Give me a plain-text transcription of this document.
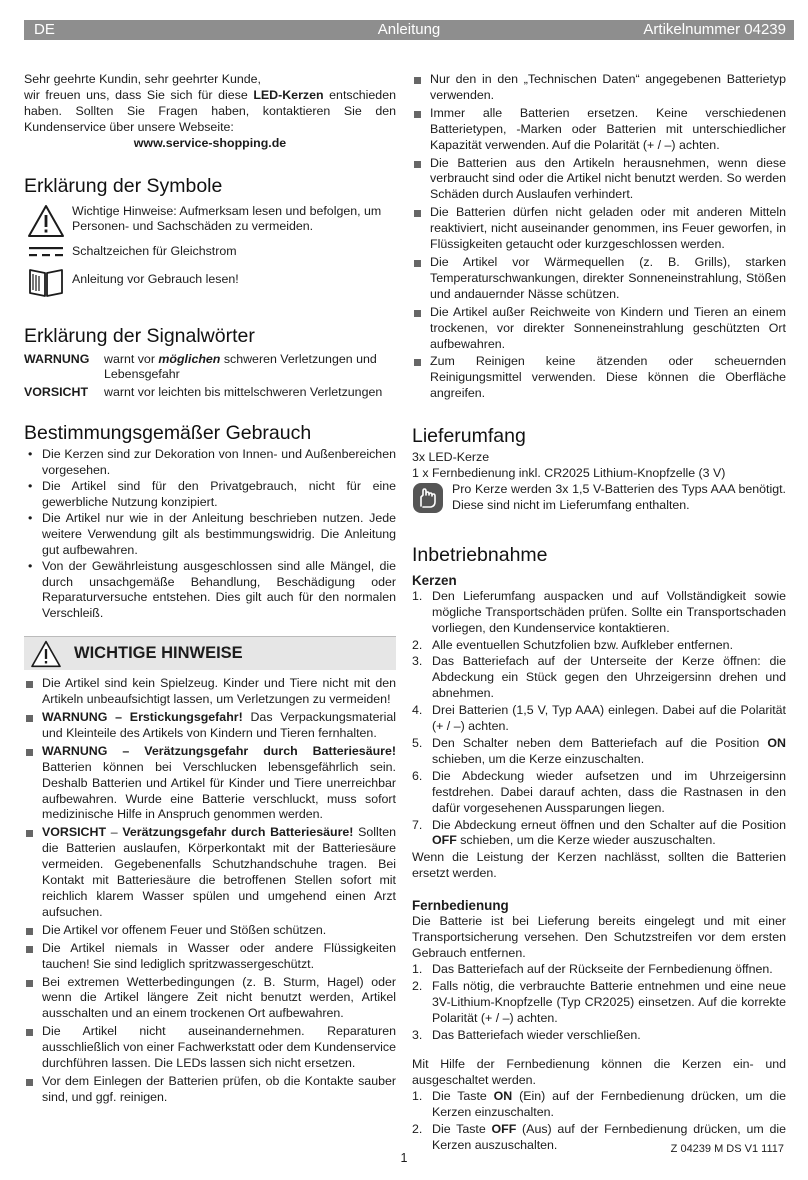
DE	Anleitung	Artikelnummer 04239

Sehr geehrte Kundin, sehr geehrter Kunde,

wir freuen uns, dass Sie sich für diese LED-Kerzen entschieden haben. Sollten Sie Fragen haben, kontaktieren Sie den Kundenservice über unsere Webseite:

www.service-shopping.de

Erklärung der Symbole
Wichtige Hinweise: Aufmerksam lesen und befolgen, um Personen- und Sachschäden zu vermeiden.
Schaltzeichen für Gleichstrom
Anleitung vor Gebrauch lesen!
Erklärung der Signalwörter
WARNUNG	warnt vor möglichen schweren Verletzungen und Lebensgefahr
VORSICHT	warnt vor leichten bis mittelschweren Verletzungen
Bestimmungsgemäßer Gebrauch
• Die Kerzen sind zur Dekoration von Innen- und Außenbereichen vorgesehen.
• Die Artikel sind für den Privatgebrauch, nicht für eine gewerbliche Nutzung konzipiert.
• Die Artikel nur wie in der Anleitung beschrieben nutzen. Jede weitere Verwendung gilt als bestimmungswidrig. Die Anleitung gut aufbewahren.
• Von der Gewährleistung ausgeschlossen sind alle Mängel, die durch unsachgemäße Behandlung, Beschädigung oder Reparaturversuche entstehen. Dies gilt auch für den normalen Verschleiß.
WICHTIGE HINWEISE
Die Artikel sind kein Spielzeug. Kinder und Tiere nicht mit den Artikeln unbeaufsichtigt lassen, um Verletzungen zu vermeiden!
WARNUNG – Erstickungsgefahr! Das Verpackungsmaterial und Kleinteile des Artikels von Kindern und Tieren fernhalten.
WARNUNG – Verätzungsgefahr durch Batteriesäure! Batterien können bei Verschlucken lebensgefährlich sein. Deshalb Batterien und Artikel für Kinder und Tiere unerreichbar aufbewahren. Wurde eine Batterie verschluckt, muss sofort medizinische Hilfe in Anspruch genommen werden.
VORSICHT – Verätzungsgefahr durch Batteriesäure! Sollten die Batterien auslaufen, Körperkontakt mit der Batteriesäure vermeiden. Gegebenenfalls Schutzhandschuhe tragen. Bei Kontakt mit Batteriesäure die betroffenen Stellen sofort mit reichlich klarem Wasser spülen und umgehend einen Arzt aufsuchen.
Die Artikel vor offenem Feuer und Stößen schützen.
Die Artikel niemals in Wasser oder andere Flüssigkeiten tauchen! Sie sind lediglich spritzwassergeschützt.
Bei extremen Wetterbedingungen (z. B. Sturm, Hagel) oder wenn die Artikel längere Zeit nicht benutzt werden, Artikel ausschalten und an einem trockenen Ort aufbewahren.
Die Artikel nicht auseinandernehmen. Reparaturen ausschließlich von einer Fachwerkstatt oder dem Kundenservice durchführen lassen. Die LEDs lassen sich nicht ersetzen.
Vor dem Einlegen der Batterien prüfen, ob die Kontakte sauber sind, und ggf. reinigen.
Nur den in den „Technischen Daten“ angegebenen Batterietyp verwenden.
Immer alle Batterien ersetzen. Keine verschiedenen Batterietypen, -Marken oder Batterien mit unterschiedlicher Kapazität verwenden. Auf die Polarität (+ / –) achten.
Die Batterien aus den Artikeln herausnehmen, wenn diese verbraucht sind oder die Artikel nicht benutzt werden. So werden Schäden durch Auslaufen verhindert.
Die Batterien dürfen nicht geladen oder mit anderen Mitteln reaktiviert, nicht auseinander genommen, ins Feuer geworfen, in Flüssigkeiten getaucht oder kurzgeschlossen werden.
Die Artikel vor Wärmequellen (z. B. Grills), starken Temperaturschwankungen, direkter Sonneneinstrahlung, Stößen und andauernder Nässe schützen.
Die Artikel außer Reichweite von Kindern und Tieren an einem trockenen, vor direkter Sonneneinstrahlung geschützten Ort aufbewahren.
Zum Reinigen keine ätzenden oder scheuernden Reinigungsmittel verwenden. Diese können die Oberfläche angreifen.
Lieferumfang

3x LED-Kerze

1 x Fernbedienung inkl. CR2025 Lithium-Knopfzelle (3 V)

Pro Kerze werden 3x 1,5 V-Batterien des Typs AAA benötigt. Diese sind nicht im Lieferumfang enthalten.
Inbetriebnahme
Kerzen
1. Den Lieferumfang auspacken und auf Vollständigkeit sowie mögliche Transportschäden prüfen. Sollte ein Transportschaden vorliegen, den Kundenservice kontaktieren.
2. Alle eventuellen Schutzfolien bzw. Aufkleber entfernen.
3. Das Batteriefach auf der Unterseite der Kerze öffnen: die Abdeckung ein Stück gegen den Uhrzeigersinn drehen und abnehmen.
4. Drei Batterien (1,5 V, Typ AAA) einlegen. Dabei auf die Polarität (+ / –) achten.
5. Den Schalter neben dem Batteriefach auf die Position ON schieben, um die Kerze einzuschalten.
6. Die Abdeckung wieder aufsetzen und im Uhrzeigersinn festdrehen. Dabei darauf achten, dass die Rastnasen in den dafür vorgesehenen Aussparungen liegen.
7. Die Abdeckung erneut öffnen und den Schalter auf die Position OFF schieben, um die Kerze wieder auszuschalten.

Wenn die Leistung der Kerzen nachlässt, sollten die Batterien ersetzt werden.

Fernbedienung

Die Batterie ist bei Lieferung bereits eingelegt und mit einer Transportsicherung versehen. Den Schutzstreifen vor dem ersten Gebrauch entfernen.

1. Das Batteriefach auf der Rückseite der Fernbedienung öffnen.
2. Falls nötig, die verbrauchte Batterie entnehmen und eine neue 3V-Lithium-Knopfzelle (Typ CR2025) einsetzen. Auf die korrekte Polarität (+ / –) achten.
3. Das Batteriefach wieder verschließen.

Mit Hilfe der Fernbedienung können die Kerzen ein- und ausgeschaltet werden.

1. Die Taste ON (Ein) auf der Fernbedienung drücken, um die Kerzen einzuschalten.
2. Die Taste OFF (Aus) auf der Fernbedienung drücken, um die Kerzen auszuschalten.	Z 04239 M DS V1 1117
1
